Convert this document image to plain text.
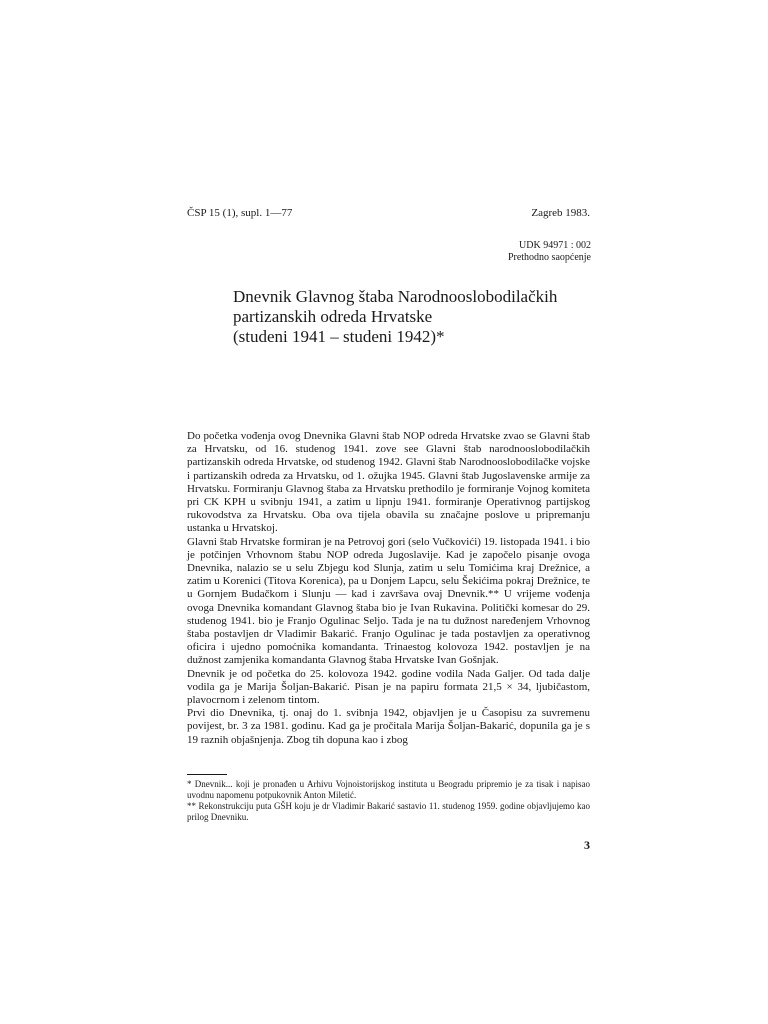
ČSP 15 (1), supl. 1—77	Zagreb 1983.
UDK 94971 : 002
Prethodno saopćenje
Dnevnik Glavnog štaba Narodnooslobodilačkih
partizanskih odreda Hrvatske
(studeni 1941 – studeni 1942)*

Do početka vođenja ovog Dnevnika Glavni štab NOP odreda Hrvatske zvao se Glavni štab za Hrvatsku, od 16. studenog 1941. zove see Glavni štab narodnooslobodilačkih partizanskih odreda Hrvatske, od studenog 1942. Glavni štab Narodnooslobodilačke vojske i partizanskih odreda za Hrvatsku, od 1. ožujka 1945. Glavni štab Jugoslavenske armije za Hrvatsku. Formiranju Glavnog štaba za Hrvatsku prethodilo je formiranje Vojnog komiteta pri CK KPH u svibnju 1941, a zatim u lipnju 1941. formiranje Operativnog partijskog rukovodstva za Hrvatsku. Oba ova tijela obavila su značajne poslove u pripremanju ustanka u Hrvatskoj.

Glavni štab Hrvatske formiran je na Petrovoj gori (selo Vučkovići) 19. listopada 1941. i bio je potčinjen Vrhovnom štabu NOP odreda Jugoslavije. Kad je započelo pisanje ovoga Dnevnika, nalazio se u selu Zbjegu kod Slunja, zatim u selu Tomićima kraj Drežnice, a zatim u Korenici (Titova Korenica), pa u Donjem Lapcu, selu Šekićima pokraj Drežnice, te u Gornjem Budačkom i Slunju — kad i završava ovaj Dnevnik.** U vrijeme vođenja ovoga Dnevnika komandant Glavnog štaba bio je Ivan Rukavina. Politički komesar do 29. studenog 1941. bio je Franjo Ogulinac Seljo. Tada je na tu dužnost naređenjem Vrhovnog štaba postavljen dr Vladimir Bakarić. Franjo Ogulinac je tada postavljen za operativnog oficira i ujedno pomoćnika komandanta. Trinaestog kolovoza 1942. postavljen je na dužnost zamjenika komandanta Glavnog štaba Hrvatske Ivan Gošnjak.

Dnevnik je od početka do 25. kolovoza 1942. godine vodila Nada Galjer. Od tada dalje vodila ga je Marija Šoljan-Bakarić. Pisan je na papiru formata 21,5 × 34, ljubičastom, plavocrnom i zelenom tintom.

Prvi dio Dnevnika, tj. onaj do 1. svibnja 1942, objavljen je u Časopisu za suvremenu povijest, br. 3 za 1981. godinu. Kad ga je pročitala Marija Šoljan-Bakarić, dopunila ga je s 19 raznih objašnjenja. Zbog tih dopuna kao i zbog

* Dnevnik... koji je pronađen u Arhivu Vojnoistorijskog instituta u Beogradu pripremio je za tisak i napisao uvodnu napomenu potpukovnik Anton Miletić.

** Rekonstrukciju puta GŠH koju je dr Vladimir Bakarić sastavio 11. studenog 1959. godine objavljujemo kao prilog Dnevniku.

3
